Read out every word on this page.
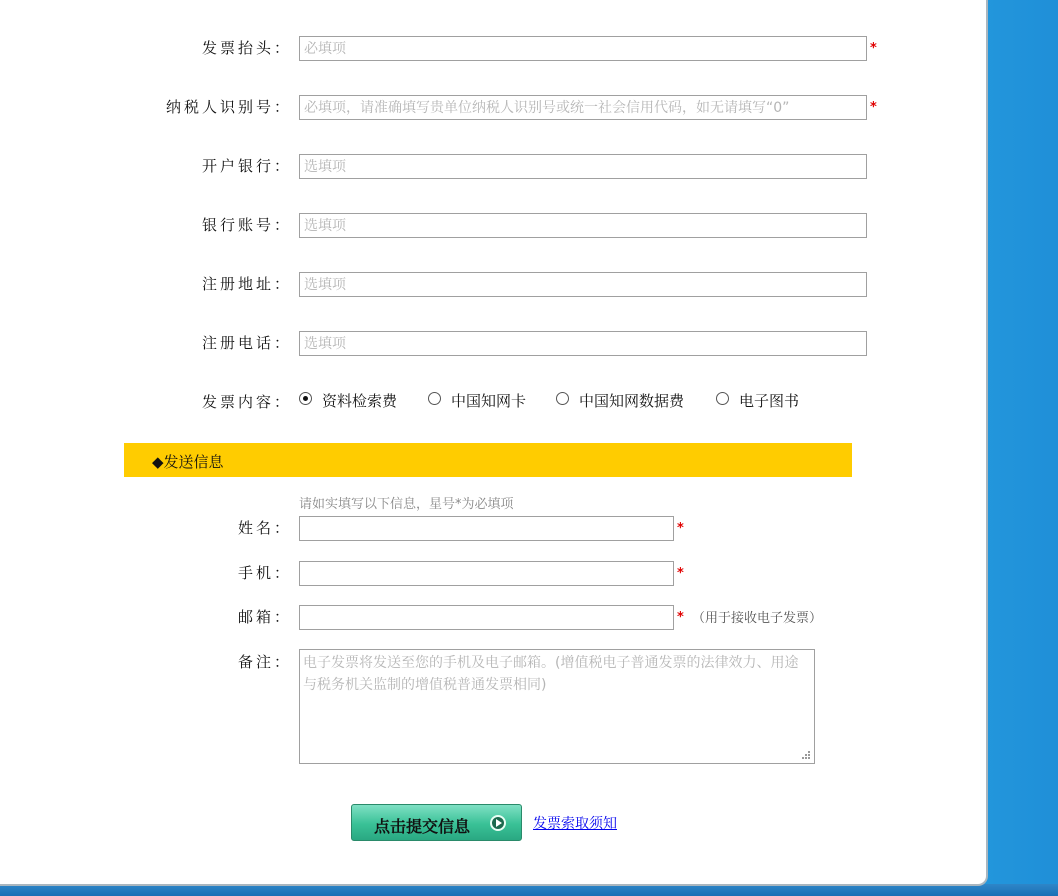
发票抬头：
必填项	*
纳税人识别号：
必填项，请准确填写贵单位纳税人识别号或统一社会信用代码，如无请填写“0”	*
开户银行：
选填项
银行账号：
选填项
注册地址：
选填项
注册电话：
选填项
发票内容： 资料检索费	中国知网卡	中国知网数据费	电子图书
◆发送信息
请如实填写以下信息，星号*为必填项
姓名：	*
手机：	*
邮箱：	* （用于接收电子发票）
备注：
电子发票将发送至您的手机及电子邮箱。(增值税电子普通发票的法律效力、用途与税务机关监制的增值税普通发票相同)
点击提交信息	发票索取须知
